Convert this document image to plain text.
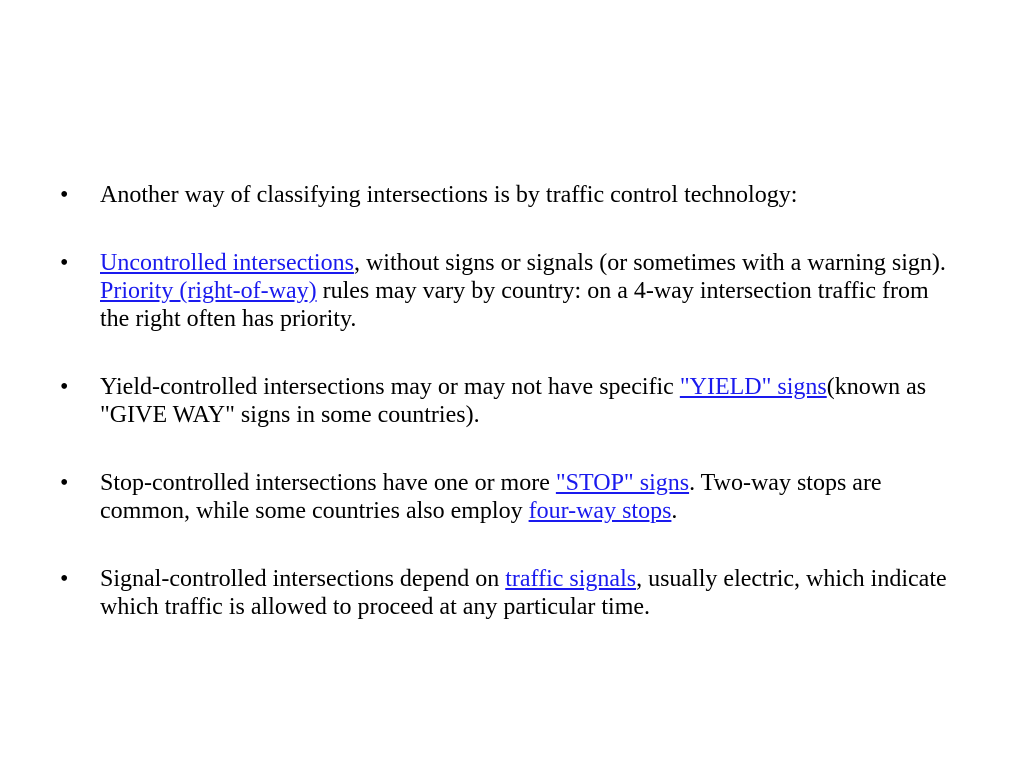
•	Another way of classifying intersections is by traffic control technology:
•	Uncontrolled intersections, without signs or signals (or sometimes with a warning sign). Priority (right-of-way) rules may vary by country: on a 4-way intersection traffic from the right often has priority.
•	Yield-controlled intersections may or may not have specific "YIELD" signs(known as "GIVE WAY" signs in some countries).
•	Stop-controlled intersections have one or more "STOP" signs. Two-way stops are common, while some countries also employ four-way stops.
•	Signal-controlled intersections depend on traffic signals, usually electric, which indicate which traffic is allowed to proceed at any particular time.
